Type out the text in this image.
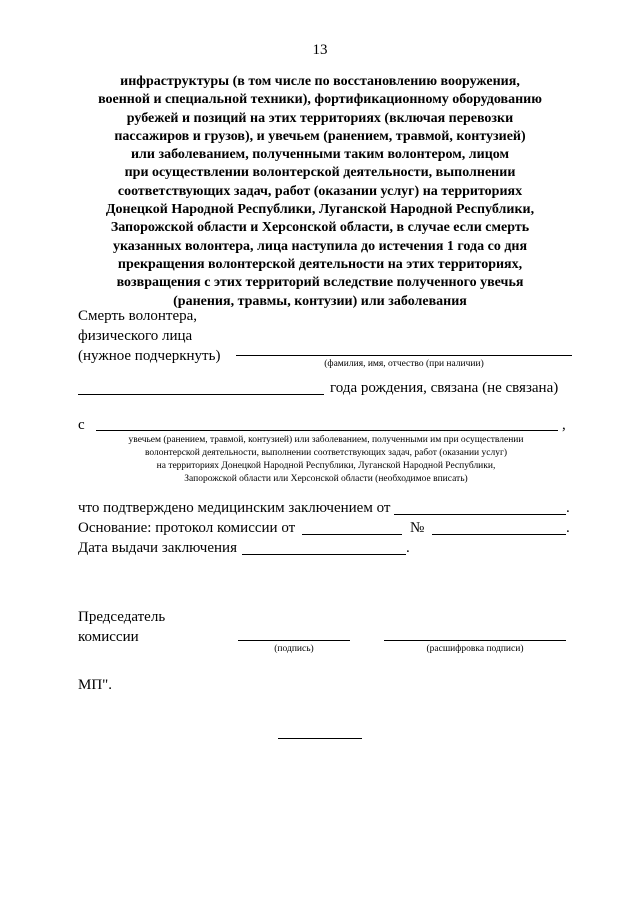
13
инфраструктуры (в том числе по восстановлению вооружения,
военной и специальной техники), фортификационному оборудованию
рубежей и позиций на этих территориях (включая перевозки
пассажиров и грузов), и увечьем (ранением, травмой, контузией)
или заболеванием, полученными таким волонтером, лицом
при осуществлении волонтерской деятельности, выполнении
соответствующих задач, работ (оказании услуг) на территориях
Донецкой Народной Республики, Луганской Народной Республики,
Запорожской области и Херсонской области, в случае если смерть
указанных волонтера, лица наступила до истечения 1 года со дня
прекращения волонтерской деятельности на этих территориях,
возвращения с этих территорий вследствие полученного увечья
(ранения, травмы, контузии) или заболевания
Смерть волонтера,
физического лица
(нужное подчеркнуть)	(фамилия, имя, отчество (при наличии)
года рождения, связана (не связана)
с	,
увечьем (ранением, травмой, контузией) или заболеванием, полученными им при осуществлении
волонтерской деятельности, выполнении соответствующих задач, работ (оказании услуг)
на территориях Донецкой Народной Республики, Луганской Народной Республики,
Запорожской области или Херсонской области (необходимое вписать)
что подтверждено медицинским заключением от	.
Основание: протокол комиссии от	№	.
Дата выдачи заключения	.
Председатель
комиссии
(подпись)	(расшифровка подписи)
МП".
